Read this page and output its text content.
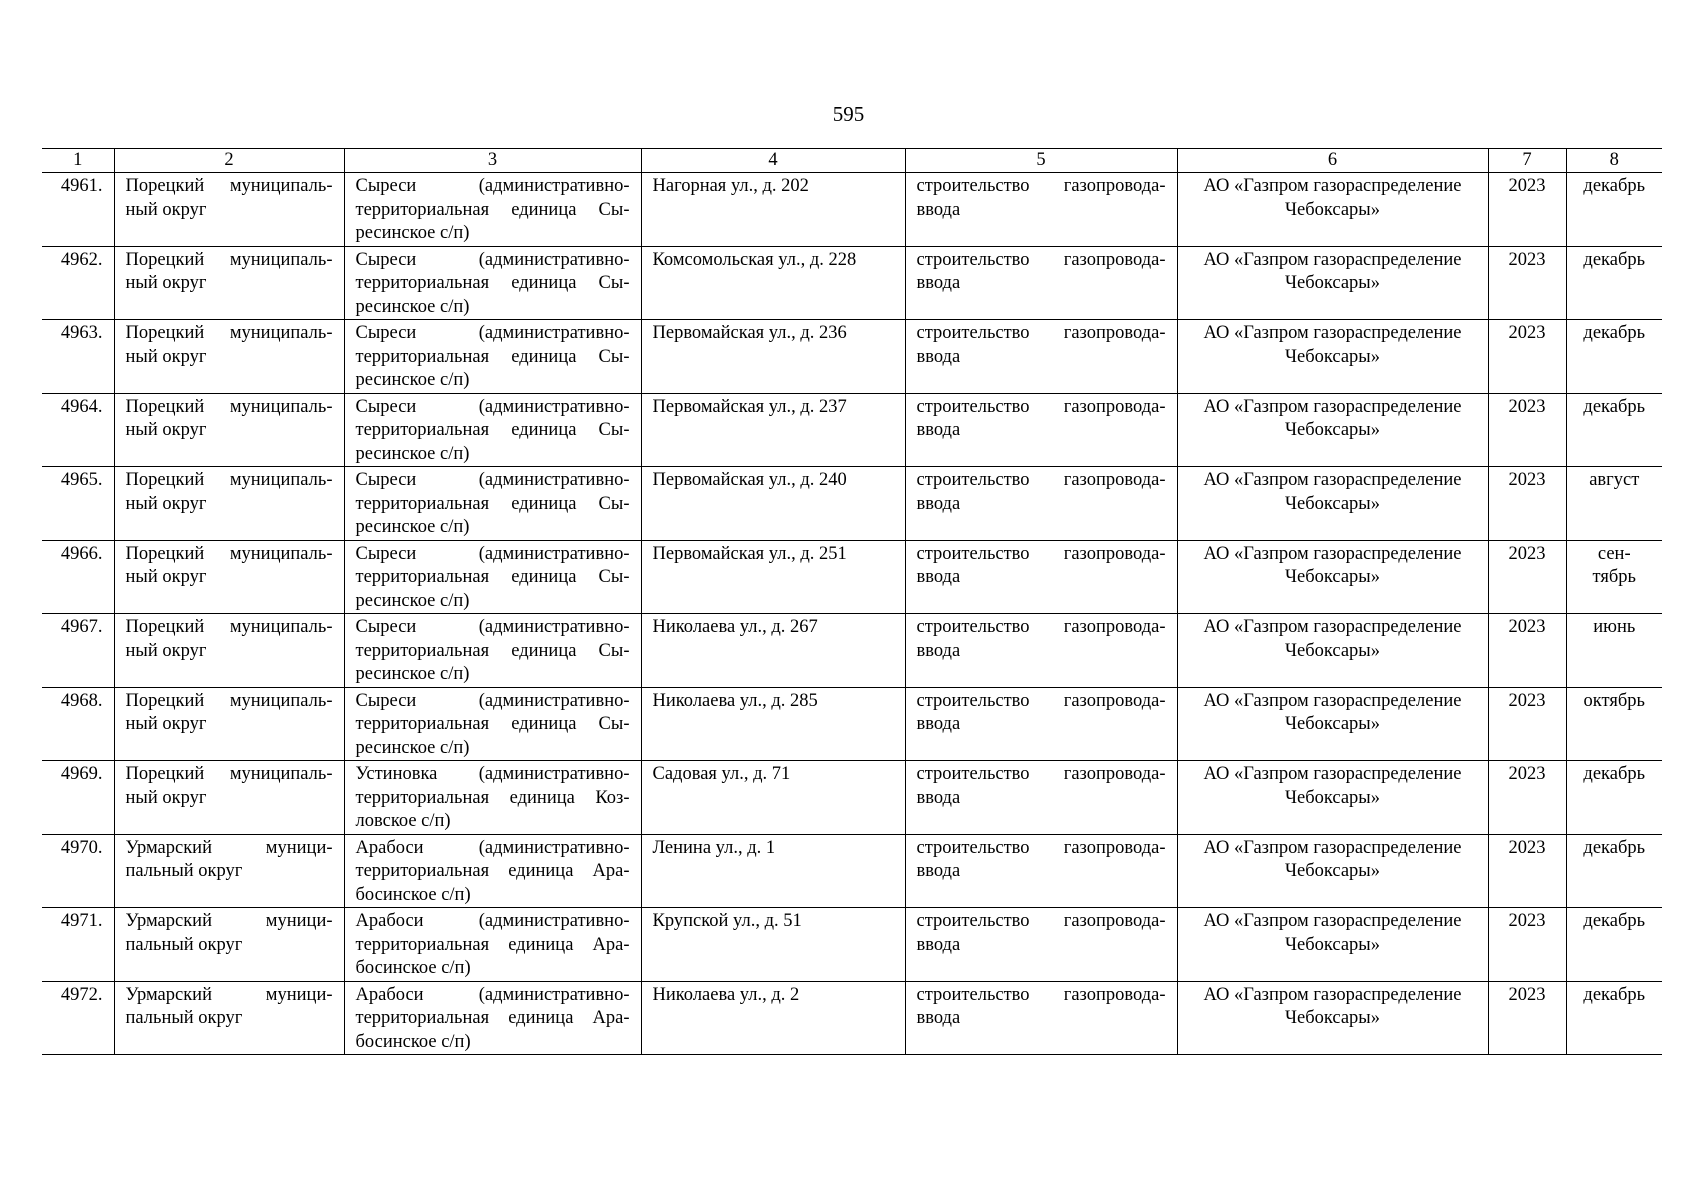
595
1	2	3	4	5	6	7	8
4961.	Порецкий муниципаль-ный округ	Сыреси (административно-территориальная единица Сы-ресинское с/п)	Нагорная ул., д. 202	строительство газопровода-ввода	АО «Газпром газораспределение Чебоксары»	2023	декабрь
4962.	Порецкий муниципаль-ный округ	Сыреси (административно-территориальная единица Сы-ресинское с/п)	Комсомольская ул., д. 228	строительство газопровода-ввода	АО «Газпром газораспределение Чебоксары»	2023	декабрь
4963.	Порецкий муниципаль-ный округ	Сыреси (административно-территориальная единица Сы-ресинское с/п)	Первомайская ул., д. 236	строительство газопровода-ввода	АО «Газпром газораспределение Чебоксары»	2023	декабрь
4964.	Порецкий муниципаль-ный округ	Сыреси (административно-территориальная единица Сы-ресинское с/п)	Первомайская ул., д. 237	строительство газопровода-ввода	АО «Газпром газораспределение Чебоксары»	2023	декабрь
4965.	Порецкий муниципаль-ный округ	Сыреси (административно-территориальная единица Сы-ресинское с/п)	Первомайская ул., д. 240	строительство газопровода-ввода	АО «Газпром газораспределение Чебоксары»	2023	август
4966.	Порецкий муниципаль-ный округ	Сыреси (административно-территориальная единица Сы-ресинское с/п)	Первомайская ул., д. 251	строительство газопровода-ввода	АО «Газпром газораспределение Чебоксары»	2023	сен-тябрь
4967.	Порецкий муниципаль-ный округ	Сыреси (административно-территориальная единица Сы-ресинское с/п)	Николаева ул., д. 267	строительство газопровода-ввода	АО «Газпром газораспределение Чебоксары»	2023	июнь
4968.	Порецкий муниципаль-ный округ	Сыреси (административно-территориальная единица Сы-ресинское с/п)	Николаева ул., д. 285	строительство газопровода-ввода	АО «Газпром газораспределение Чебоксары»	2023	октябрь
4969.	Порецкий муниципаль-ный округ	Устиновка (административно-территориальная единица Коз-ловское с/п)	Садовая ул., д. 71	строительство газопровода-ввода	АО «Газпром газораспределение Чебоксары»	2023	декабрь
4970.	Урмарский муници-пальный округ	Арабоси (административно-территориальная единица Ара-босинское с/п)	Ленина ул., д. 1	строительство газопровода-ввода	АО «Газпром газораспределение Чебоксары»	2023	декабрь
4971.	Урмарский муници-пальный округ	Арабоси (административно-территориальная единица Ара-босинское с/п)	Крупской ул., д. 51	строительство газопровода-ввода	АО «Газпром газораспределение Чебоксары»	2023	декабрь
4972.	Урмарский муници-пальный округ	Арабоси (административно-территориальная единица Ара-босинское с/п)	Николаева ул., д. 2	строительство газопровода-ввода	АО «Газпром газораспределение Чебоксары»	2023	декабрь
